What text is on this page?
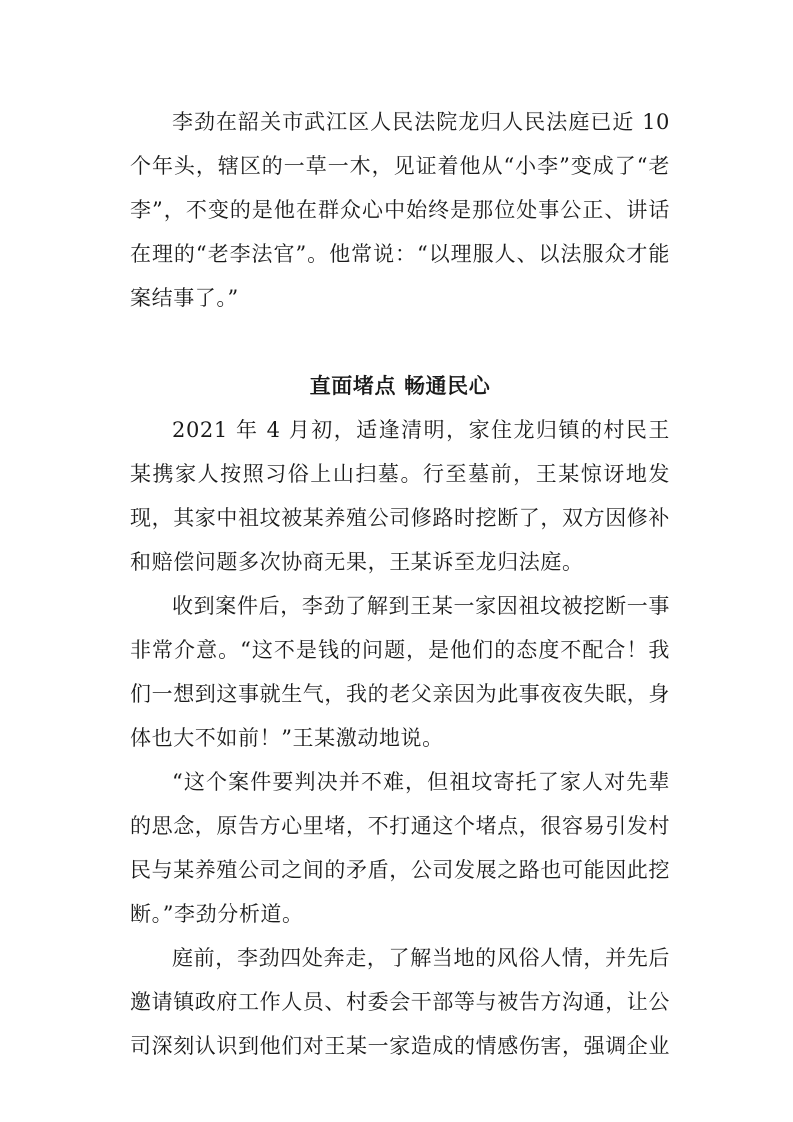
李劲在韶关市武江区人民法院龙归人民法庭已近 10个年头，辖区的一草一木，见证着他从“小李”变成了“老李”，不变的是他在群众心中始终是那位处事公正、讲话在理的“老李法官”。他常说：“以理服人、以法服众才能案结事了。”

直面堵点 畅通民心

2021 年 4 月初，适逢清明，家住龙归镇的村民王某携家人按照习俗上山扫墓。行至墓前，王某惊讶地发现，其家中祖坟被某养殖公司修路时挖断了，双方因修补和赔偿问题多次协商无果，王某诉至龙归法庭。

收到案件后，李劲了解到王某一家因祖坟被挖断一事非常介意。“这不是钱的问题，是他们的态度不配合！我们一想到这事就生气，我的老父亲因为此事夜夜失眠，身体也大不如前！”王某激动地说。

“这个案件要判决并不难，但祖坟寄托了家人对先辈的思念，原告方心里堵，不打通这个堵点，很容易引发村民与某养殖公司之间的矛盾，公司发展之路也可能因此挖断。”李劲分析道。

庭前，李劲四处奔走，了解当地的风俗人情，并先后邀请镇政府工作人员、村委会干部等与被告方沟通，让公司深刻认识到他们对王某一家造成的情感伤害，强调企业
